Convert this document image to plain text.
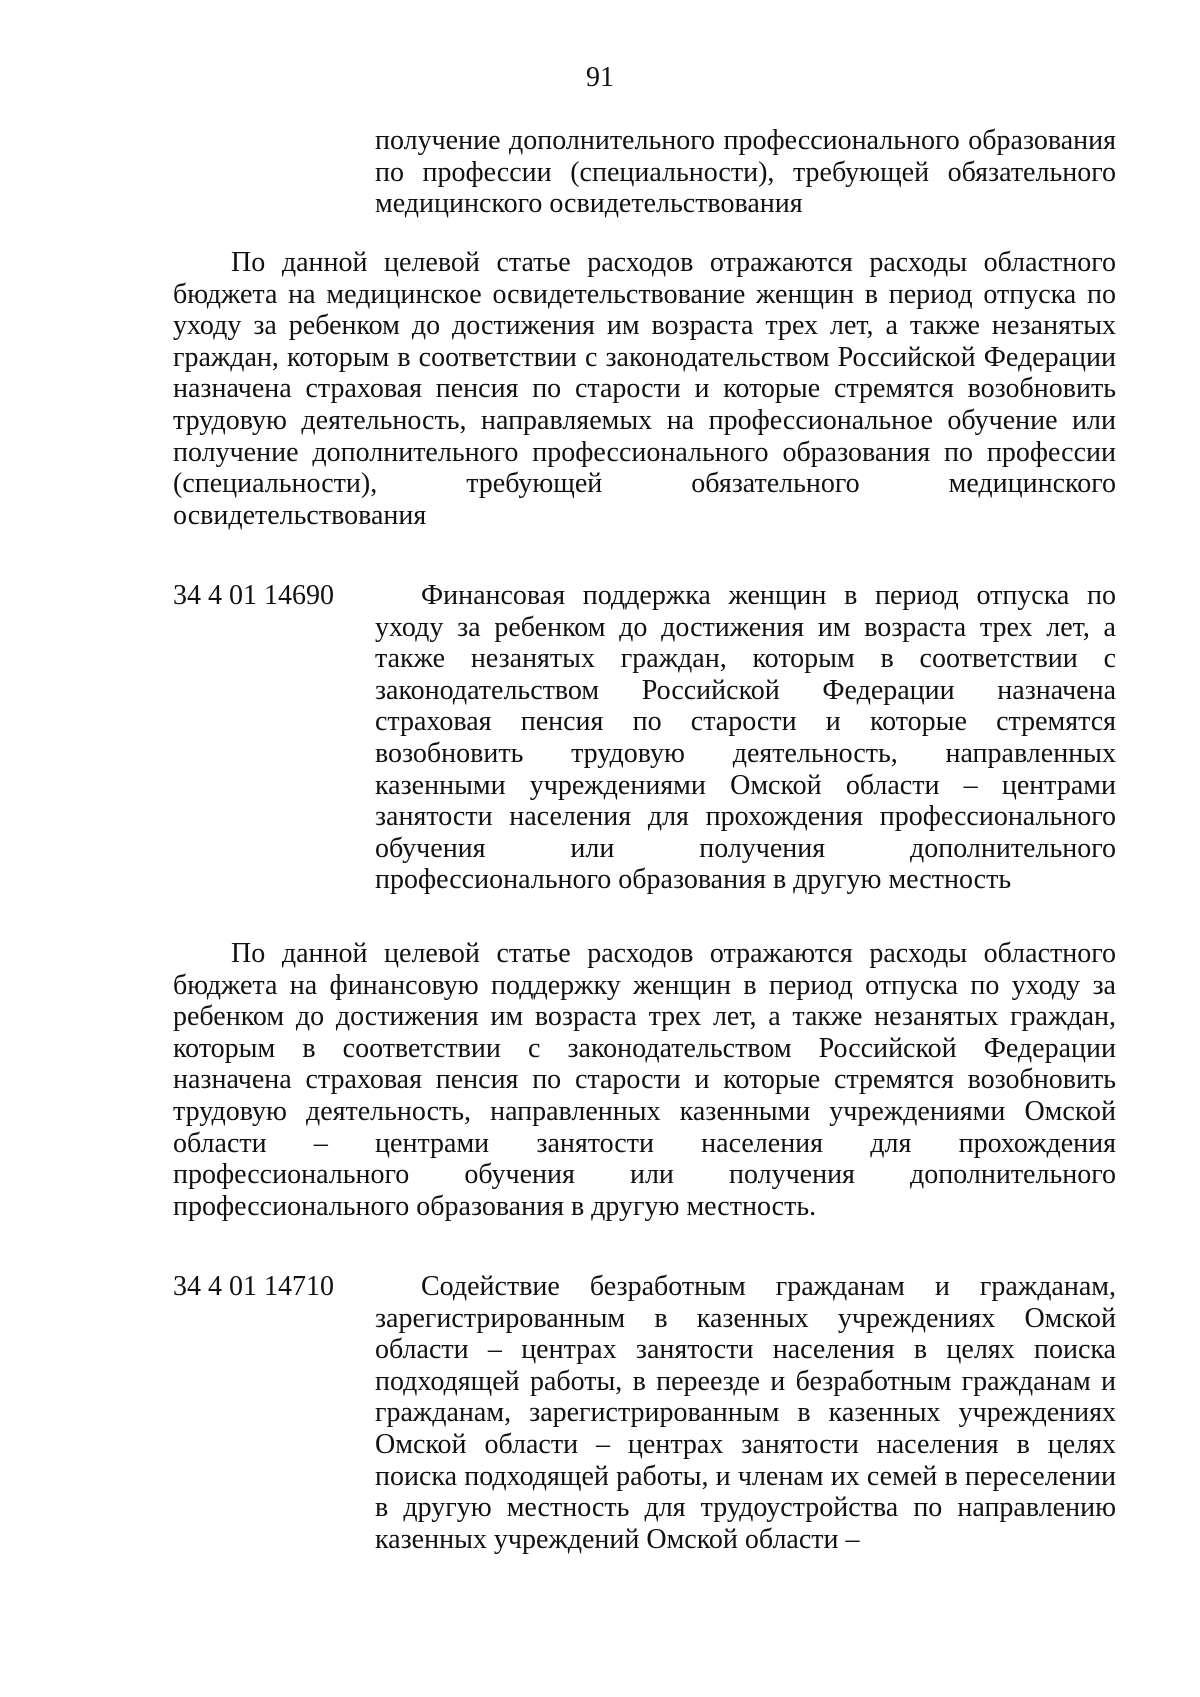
91

получение дополнительного профессионального образования по профессии (специальности), требующей обязательного медицинского освидетельствования

По данной целевой статье расходов отражаются расходы областного бюджета на медицинское освидетельствование женщин в период отпуска по уходу за ребенком до достижения им возраста трех лет, а также незанятых граждан, которым в соответствии с законодательством Российской Федерации назначена страховая пенсия по старости и которые стремятся возобновить трудовую деятельность, направляемых на профессиональное обучение или получение дополнительного профессионального образования по профессии (специальности), требующей обязательного медицинского освидетельствования

34 4 01 14690	Финансовая поддержка женщин в период отпуска по уходу за ребенком до достижения им возраста трех лет, а также незанятых граждан, которым в соответствии с законодательством Российской Федерации назначена страховая пенсия по старости и которые стремятся возобновить трудовую деятельность, направленных казенными учреждениями Омской области – центрами занятости населения для прохождения профессионального обучения или получения дополнительного профессионального образования в другую местность

По данной целевой статье расходов отражаются расходы областного бюджета на финансовую поддержку женщин в период отпуска по уходу за ребенком до достижения им возраста трех лет, а также незанятых граждан, которым в соответствии с законодательством Российской Федерации назначена страховая пенсия по старости и которые стремятся возобновить трудовую деятельность, направленных казенными учреждениями Омской области – центрами занятости населения для прохождения профессионального обучения или получения дополнительного профессионального образования в другую местность.

34 4 01 14710	Содействие безработным гражданам и гражданам, зарегистрированным в казенных учреждениях Омской области – центрах занятости населения в целях поиска подходящей работы, в переезде и безработным гражданам и гражданам, зарегистрированным в казенных учреждениях Омской области – центрах занятости населения в целях поиска подходящей работы, и членам их семей в переселении в другую местность для трудоустройства по направлению казенных учреждений Омской области –
